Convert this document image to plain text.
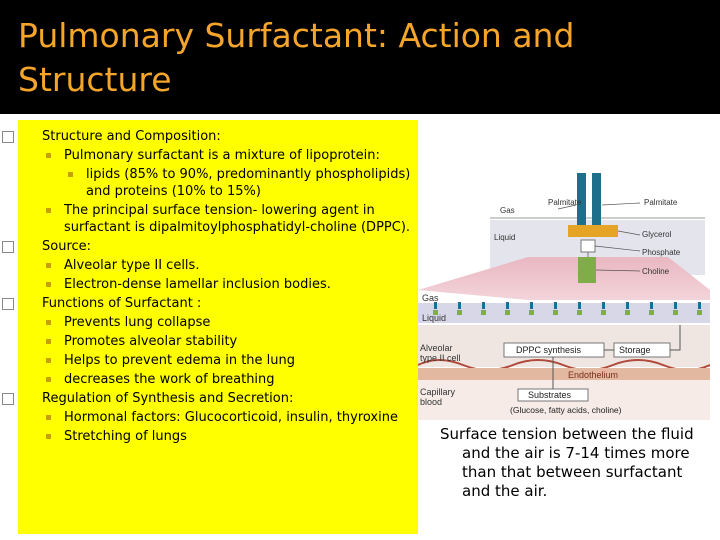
Pulmonary Surfactant: Action and Structure
Structure and Composition:
Pulmonary surfactant is a mixture of lipoprotein:
lipids (85% to 90%, predominantly phospholipids) and proteins (10% to 15%)
The principal surface tension- lowering agent in surfactant is dipalmitoylphosphatidyl-choline (DPPC).
Source:
Alveolar type II cells.
Electron-dense lamellar inclusion bodies.
Functions of Surfactant :
Prevents lung collapse
Promotes alveolar stability
Helps to prevent edema in the lung
decreases the work of breathing
Regulation of Synthesis and Secretion:
Hormonal factors: Glucocorticoid, insulin, thyroxine
Stretching of lungs
Palmitate	Palmitate
Gas
Liquid	Glycerol
Phosphate
Choline
Gas
Liquid
Alveolar
type II cell
DPPC synthesis	Storage
Endothelium
Capillary
blood
Substrates
(Glucose, fatty acids, choline)
Surface tension between the fluid and the air is 7-14 times more than that between surfactant and the air.
